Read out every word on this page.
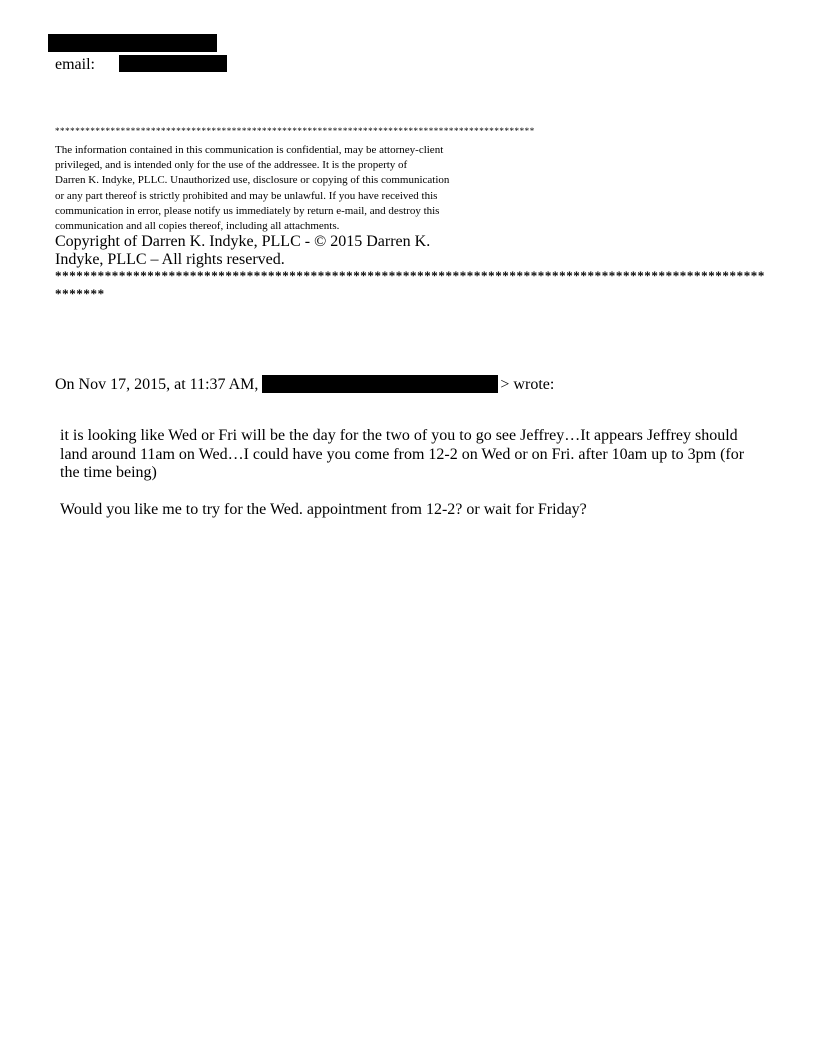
email:
***********************************************************************************************
The information contained in this communication is confidential, may be attorney-client
privileged, and is intended only for the use of the addressee. It is the property of
Darren K. Indyke, PLLC. Unauthorized use, disclosure or copying of this communication
or any part thereof is strictly prohibited and may be unlawful. If you have received this
communication in error, please notify us immediately by return e-mail, and destroy this
communication and all copies thereof, including all attachments.
Copyright of Darren K. Indyke, PLLC - © 2015 Darren K.
Indyke, PLLC – All rights reserved.
****************************************************************************************************
*******
On Nov 17, 2015, at 11:37 AM,	> wrote:

it is looking like Wed or Fri will be the day for the two of you to go see Jeffrey…It appears Jeffrey should land around 11am on Wed…I could have you come from 12-2 on Wed or on Fri. after 10am up to 3pm (for the time being)

Would you like me to try for the Wed. appointment from 12-2? or wait for Friday?
